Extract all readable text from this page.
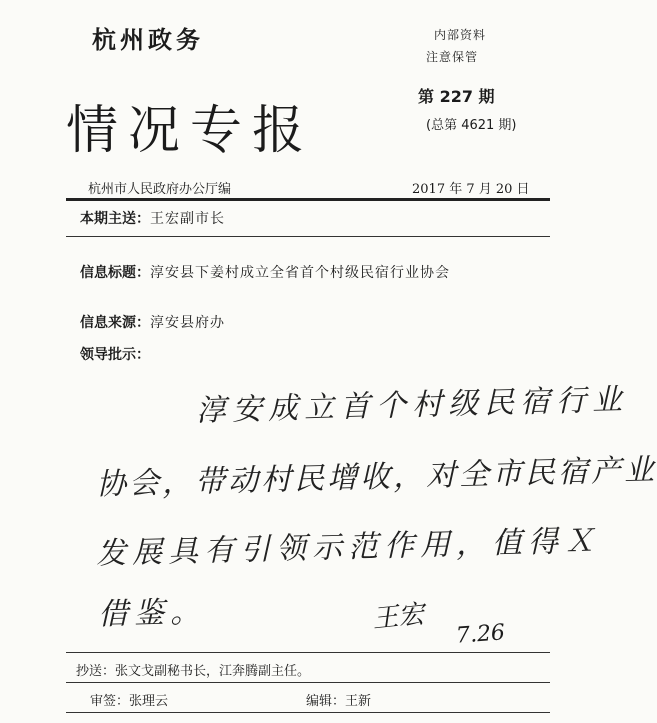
杭州政务	内部资料
注意保管
情况专报
第 227 期
(总第 4621 期)
杭州市人民政府办公厅编	2017 年 7 月 20 日
本期主送：王宏副市长
信息标题：淳安县下姜村成立全省首个村级民宿行业协会
信息来源：淳安县府办
领导批示：
淳安成立首个村级民宿行业
协会，带动村民增收，对全市民宿产业
发展具有引领示范作用，值得Ｘ
借鉴。	王宏 7.26
抄送：张文戈副秘书长，江奔腾副主任。
审签：张理云	编辑：王新
